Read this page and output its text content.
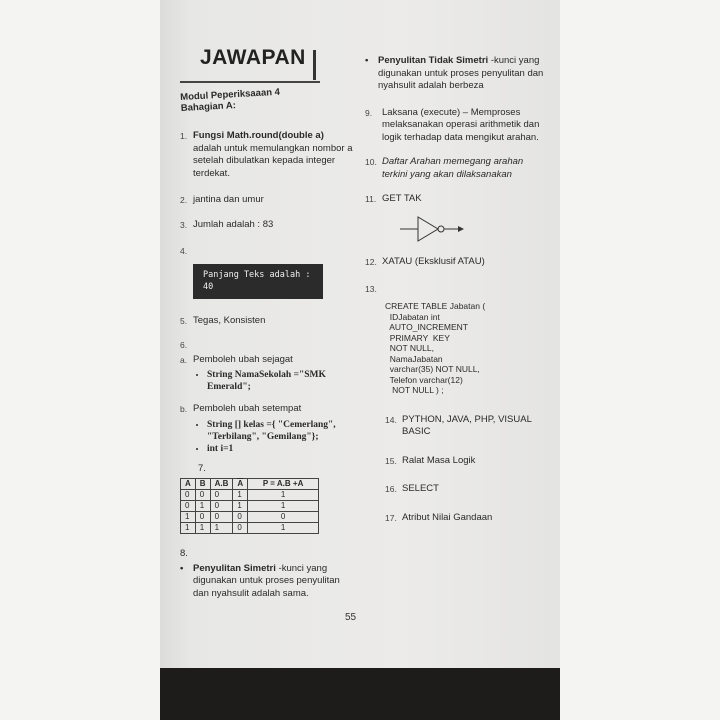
JAWAPAN
Modul Peperiksaaan 4
Bahagian A:
1. Fungsi Math.round(double a) adalah untuk memulangkan nombor a setelah dibulatkan kepada integer terdekat.
2. jantina dan umur
3. Jumlah adalah : 83
4.
Panjang Teks adalah : 40
5. Tegas, Konsisten
6.
a. Pemboleh ubah sejagat
• String NamaSekolah ="SMK Emerald";
b. Pemboleh ubah setempat
• String [] kelas ={ "Cemerlang", "Terbilang", "Gemilang"};
• int i=1
7.
A	B	A.B	$\overline{A}$	P = A.B +A
0	0	0	1	1
0	1	0	1	1
1	0	0	0	0
1	1	1	0	1
8.
•	Penyulitan Simetri -kunci yang digunakan untuk proses penyulitan dan nyahsulit adalah sama.
•	Penyulitan Tidak Simetri -kunci yang digunakan untuk proses penyulitan dan nyahsulit adalah berbeza
9.	Laksana (execute) – Memproses melaksanakan operasi arithmetik dan logik terhadap data mengikut arahan.
10. Daftar Arahan memegang arahan terkini yang akan dilaksanakan
11. GET TAK
12. XATAU (Eksklusif ATAU)
13.
CREATE TABLE Jabatan (
IDJabatan int
AUTO_INCREMENT
PRIMARY  KEY
NOT NULL,
NamaJabatan
varchar(35) NOT NULL,
Telefon varchar(12)
NOT NULL ) ;
14. PYTHON, JAVA, PHP, VISUAL BASIC
15. Ralat Masa Logik
16. SELECT
17. Atribut Nilai Gandaan
55
